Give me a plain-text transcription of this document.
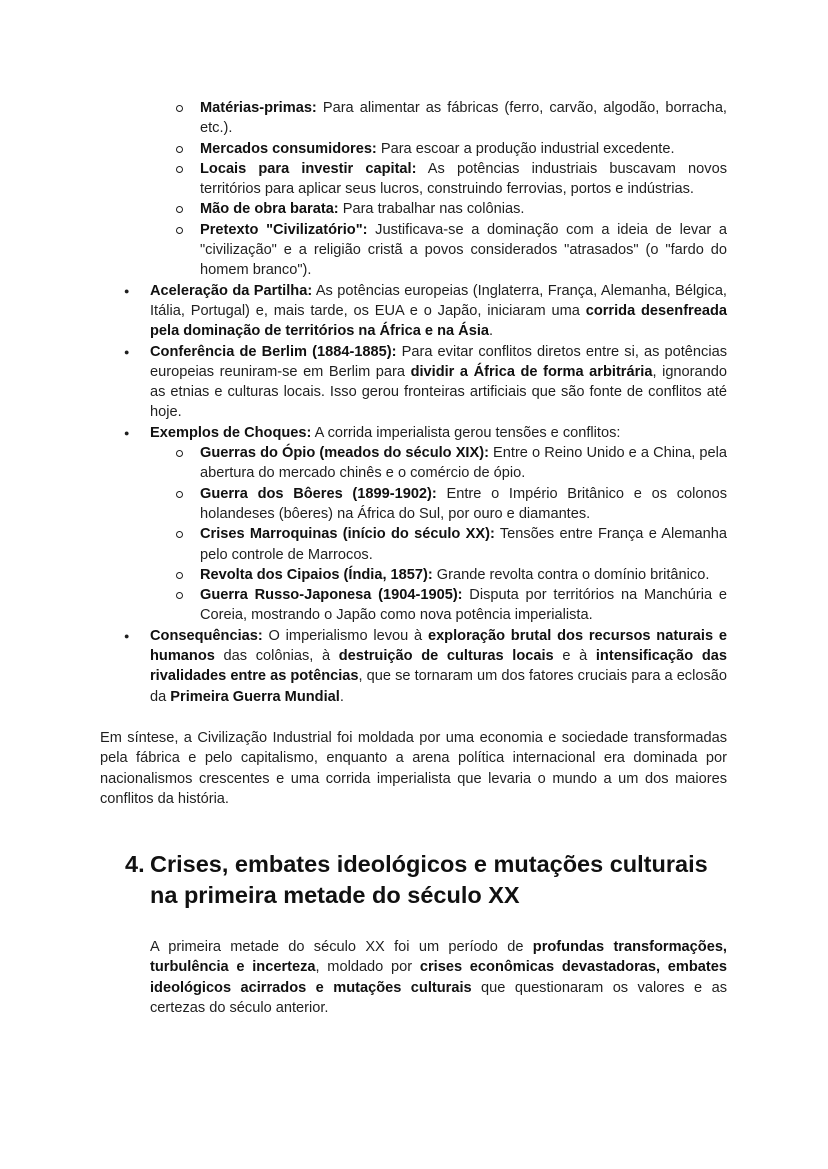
Matérias-primas: Para alimentar as fábricas (ferro, carvão, algodão, borracha, etc.).
Mercados consumidores: Para escoar a produção industrial excedente.
Locais para investir capital: As potências industriais buscavam novos territórios para aplicar seus lucros, construindo ferrovias, portos e indústrias.
Mão de obra barata: Para trabalhar nas colônias.
Pretexto "Civilizatório": Justificava-se a dominação com a ideia de levar a "civilização" e a religião cristã a povos considerados "atrasados" (o "fardo do homem branco").
● Aceleração da Partilha: As potências europeias (Inglaterra, França, Alemanha, Bélgica, Itália, Portugal) e, mais tarde, os EUA e o Japão, iniciaram uma corrida desenfreada pela dominação de territórios na África e na Ásia.
● Conferência de Berlim (1884-1885): Para evitar conflitos diretos entre si, as potências europeias reuniram-se em Berlim para dividir a África de forma arbitrária, ignorando as etnias e culturas locais. Isso gerou fronteiras artificiais que são fonte de conflitos até hoje.
● Exemplos de Choques: A corrida imperialista gerou tensões e conflitos:
Guerras do Ópio (meados do século XIX): Entre o Reino Unido e a China, pela abertura do mercado chinês e o comércio de ópio.
Guerra dos Bôeres (1899-1902): Entre o Império Britânico e os colonos holandeses (bôeres) na África do Sul, por ouro e diamantes.
Crises Marroquinas (início do século XX): Tensões entre França e Alemanha pelo controle de Marrocos.
Revolta dos Cipaios (Índia, 1857): Grande revolta contra o domínio britânico.
Guerra Russo-Japonesa (1904-1905): Disputa por territórios na Manchúria e Coreia, mostrando o Japão como nova potência imperialista.
● Consequências: O imperialismo levou à exploração brutal dos recursos naturais e humanos das colônias, à destruição de culturas locais e à intensificação das rivalidades entre as potências, que se tornaram um dos fatores cruciais para a eclosão da Primeira Guerra Mundial.

Em síntese, a Civilização Industrial foi moldada por uma economia e sociedade transformadas pela fábrica e pelo capitalismo, enquanto a arena política internacional era dominada por nacionalismos crescentes e uma corrida imperialista que levaria o mundo a um dos maiores conflitos da história.

4. Crises, embates ideológicos e mutações culturais na primeira metade do século XX

A primeira metade do século XX foi um período de profundas transformações, turbulência e incerteza, moldado por crises econômicas devastadoras, embates ideológicos acirrados e mutações culturais que questionaram os valores e as certezas do século anterior.
